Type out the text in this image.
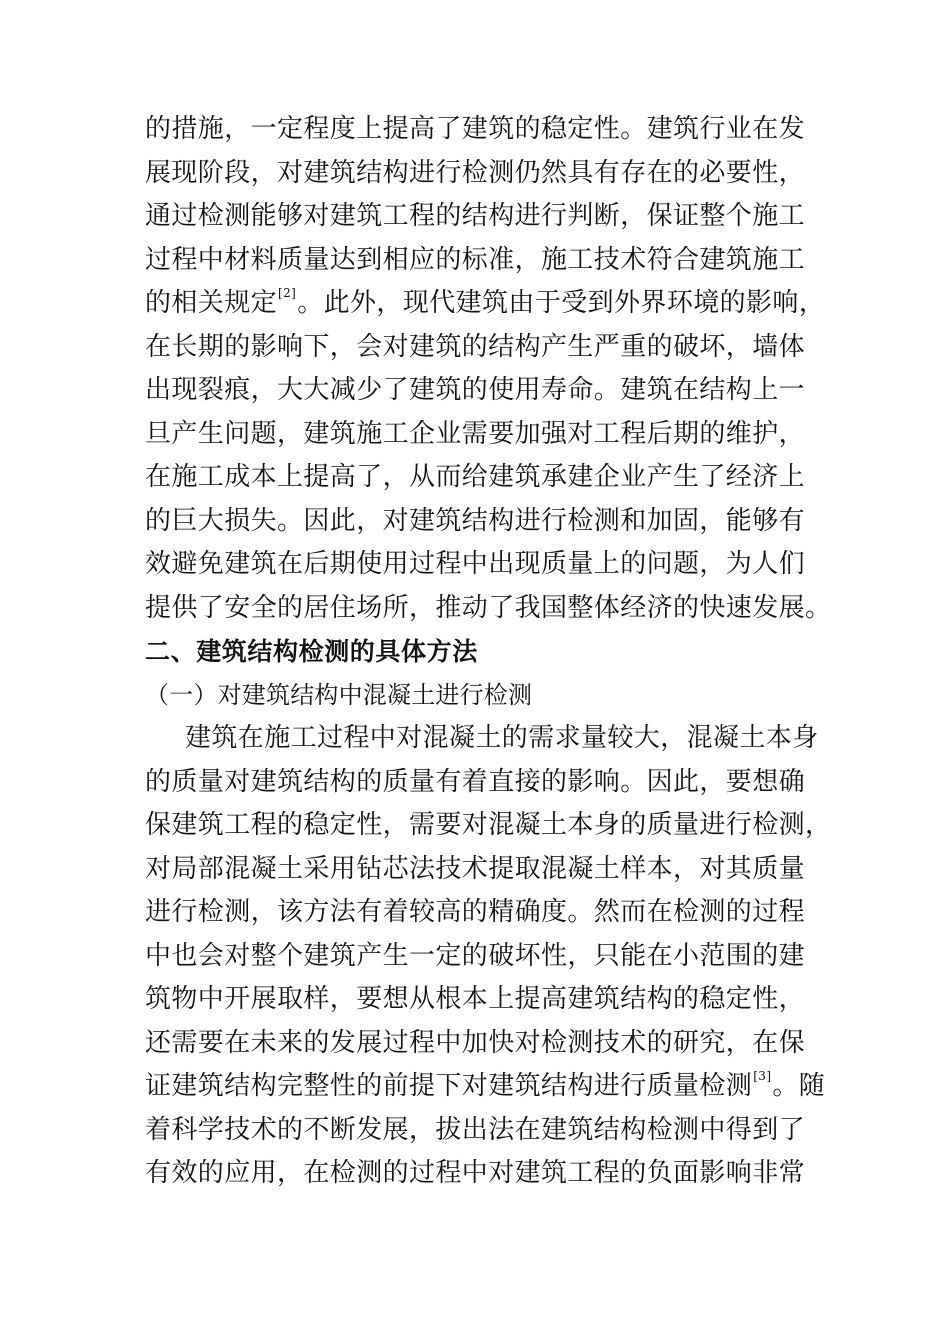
的措施，一定程度上提高了建筑的稳定性。建筑行业在发
展现阶段，对建筑结构进行检测仍然具有存在的必要性，
通过检测能够对建筑工程的结构进行判断，保证整个施工
过程中材料质量达到相应的标准，施工技术符合建筑施工
的相关规定[2]。此外，现代建筑由于受到外界环境的影响，
在长期的影响下，会对建筑的结构产生严重的破坏，墙体
出现裂痕，大大减少了建筑的使用寿命。建筑在结构上一
旦产生问题，建筑施工企业需要加强对工程后期的维护，
在施工成本上提高了，从而给建筑承建企业产生了经济上
的巨大损失。因此，对建筑结构进行检测和加固，能够有
效避免建筑在后期使用过程中出现质量上的问题，为人们
提供了安全的居住场所，推动了我国整体经济的快速发展。
二、建筑结构检测的具体方法
（一）对建筑结构中混凝土进行检测
建筑在施工过程中对混凝土的需求量较大，混凝土本身
的质量对建筑结构的质量有着直接的影响。因此，要想确
保建筑工程的稳定性，需要对混凝土本身的质量进行检测，
对局部混凝土采用钻芯法技术提取混凝土样本，对其质量
进行检测，该方法有着较高的精确度。然而在检测的过程
中也会对整个建筑产生一定的破坏性，只能在小范围的建
筑物中开展取样，要想从根本上提高建筑结构的稳定性，
还需要在未来的发展过程中加快对检测技术的研究，在保
证建筑结构完整性的前提下对建筑结构进行质量检测[3]。随
着科学技术的不断发展，拔出法在建筑结构检测中得到了
有效的应用，在检测的过程中对建筑工程的负面影响非常
